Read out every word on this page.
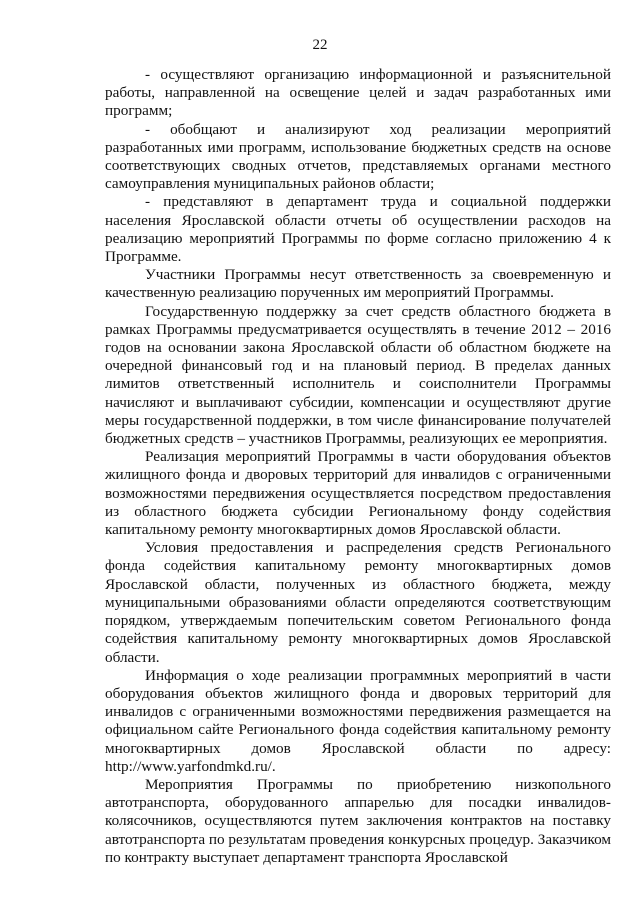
22

- осуществляют организацию информационной и разъяснительной работы, направленной на освещение целей и задач разработанных ими программ;

- обобщают и анализируют ход реализации мероприятий разработанных ими программ, использование бюджетных средств на основе соответствующих сводных отчетов, представляемых органами местного самоуправления муниципальных районов области;

- представляют в департамент труда и социальной поддержки населения Ярославской области отчеты об осуществлении расходов на реализацию мероприятий Программы по форме согласно приложению 4 к Программе.

Участники Программы несут ответственность за своевременную и качественную реализацию порученных им мероприятий Программы.

Государственную поддержку за счет средств областного бюджета в рамках Программы предусматривается осуществлять в течение 2012 – 2016 годов на основании закона Ярославской области об областном бюджете на очередной финансовый год и на плановый период. В пределах данных лимитов ответственный исполнитель и соисполнители Программы начисляют и выплачивают субсидии, компенсации и осуществляют другие меры государственной поддержки, в том числе финансирование получателей бюджетных средств – участников Программы, реализующих ее мероприятия.

Реализация мероприятий Программы в части оборудования объектов жилищного фонда и дворовых территорий для инвалидов с ограниченными возможностями передвижения осуществляется посредством предоставления из областного бюджета субсидии Региональному фонду содействия капитальному ремонту многоквартирных домов Ярославской области.

Условия предоставления и распределения средств Регионального фонда содействия капитальному ремонту многоквартирных домов Ярославской области, полученных из областного бюджета, между муниципальными образованиями области определяются соответствующим порядком, утверждаемым попечительским советом Регионального фонда содействия капитальному ремонту многоквартирных домов Ярославской области.

Информация о ходе реализации программных мероприятий в части оборудования объектов жилищного фонда и дворовых территорий для инвалидов с ограниченными возможностями передвижения размещается на официальном сайте Регионального фонда содействия капитальному ремонту многоквартирных домов Ярославской области по адресу: http://www.yarfondmkd.ru/.

Мероприятия Программы по приобретению низкопольного автотранспорта, оборудованного аппарелью для посадки инвалидов-колясочников, осуществляются путем заключения контрактов на поставку автотранспорта по результатам проведения конкурсных процедур. Заказчиком по контракту выступает департамент транспорта Ярославской
